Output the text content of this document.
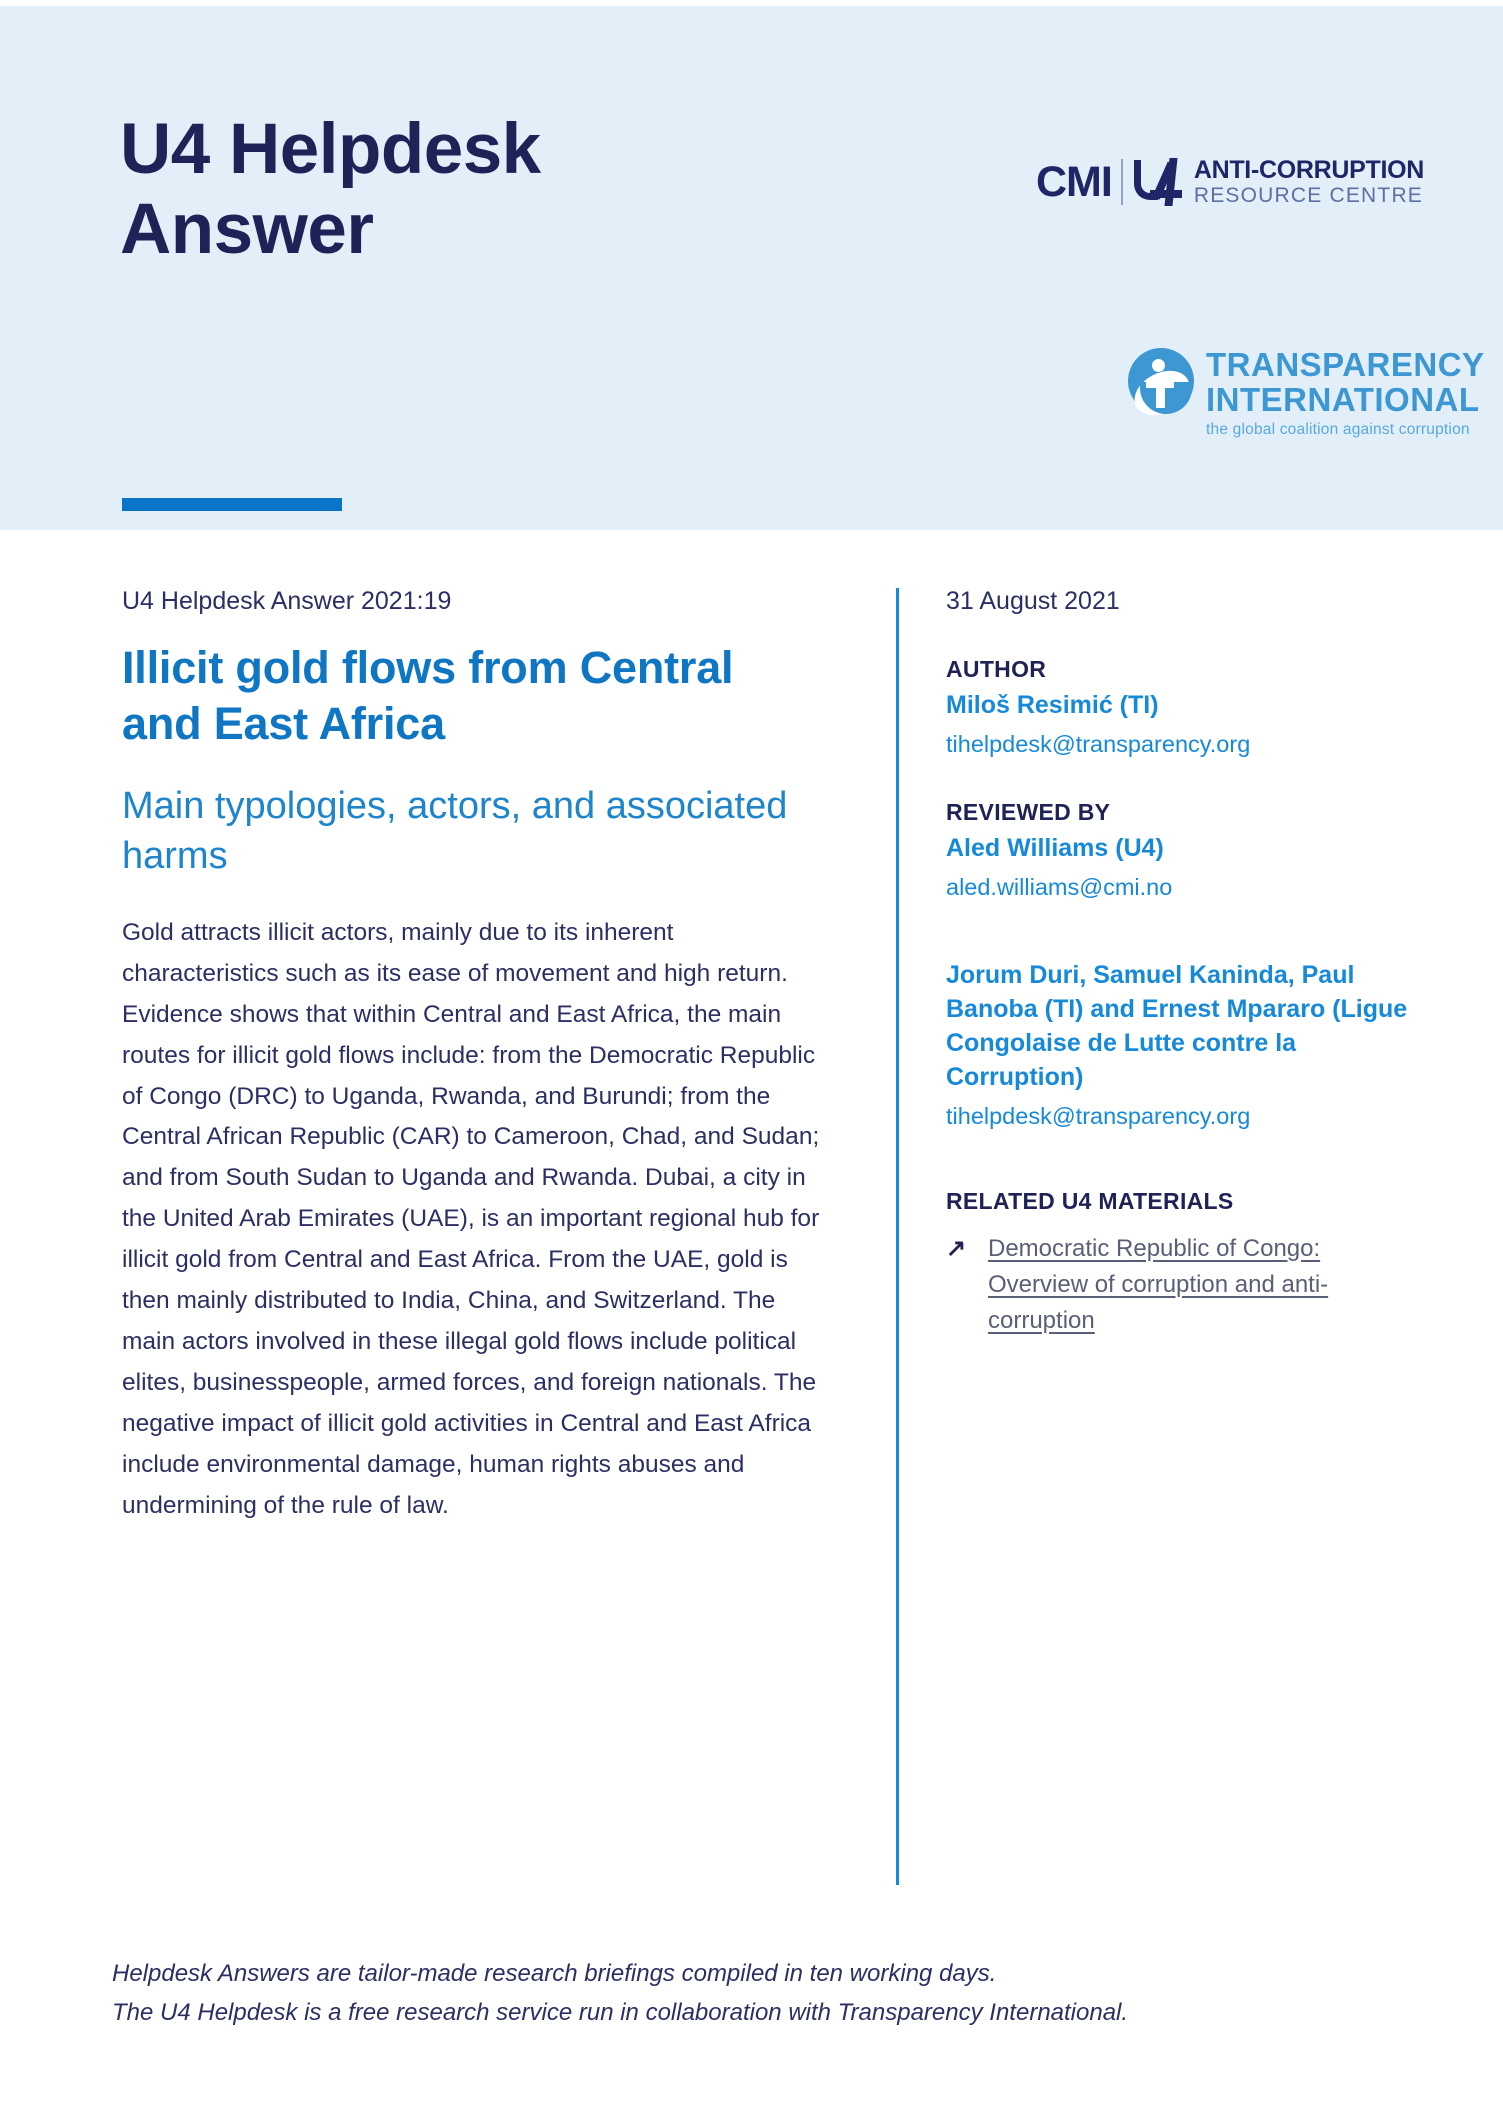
U4 Helpdesk Answer
CMI	ANTI-CORRUPTION
RESOURCE CENTRE
TRANSPARENCY
INTERNATIONAL
the global coalition against corruption
U4 Helpdesk Answer 2021:19
Illicit gold flows from Central and East Africa
Main typologies, actors, and associated harms

Gold attracts illicit actors, mainly due to its inherent characteristics such as its ease of movement and high return. Evidence shows that within Central and East Africa, the main routes for illicit gold flows include: from the Democratic Republic of Congo (DRC) to Uganda, Rwanda, and Burundi; from the Central African Republic (CAR) to Cameroon, Chad, and Sudan; and from South Sudan to Uganda and Rwanda. Dubai, a city in the United Arab Emirates (UAE), is an important regional hub for illicit gold from Central and East Africa. From the UAE, gold is then mainly distributed to India, China, and Switzerland. The main actors involved in these illegal gold flows include political elites, businesspeople, armed forces, and foreign nationals. The negative impact of illicit gold activities in Central and East Africa include environmental damage, human rights abuses and undermining of the rule of law.

31 August 2021
AUTHOR
Miloš Resimić (TI)
tihelpdesk@transparency.org
REVIEWED BY
Aled Williams (U4)
aled.williams@cmi.no
Jorum Duri, Samuel Kaninda, Paul Banoba (TI) and Ernest Mpararo (Ligue Congolaise de Lutte contre la Corruption)
tihelpdesk@transparency.org
RELATED U4 MATERIALS
↗ Democratic Republic of Congo: Overview of corruption and anti-corruption
Helpdesk Answers are tailor-made research briefings compiled in ten working days.
The U4 Helpdesk is a free research service run in collaboration with Transparency International.
